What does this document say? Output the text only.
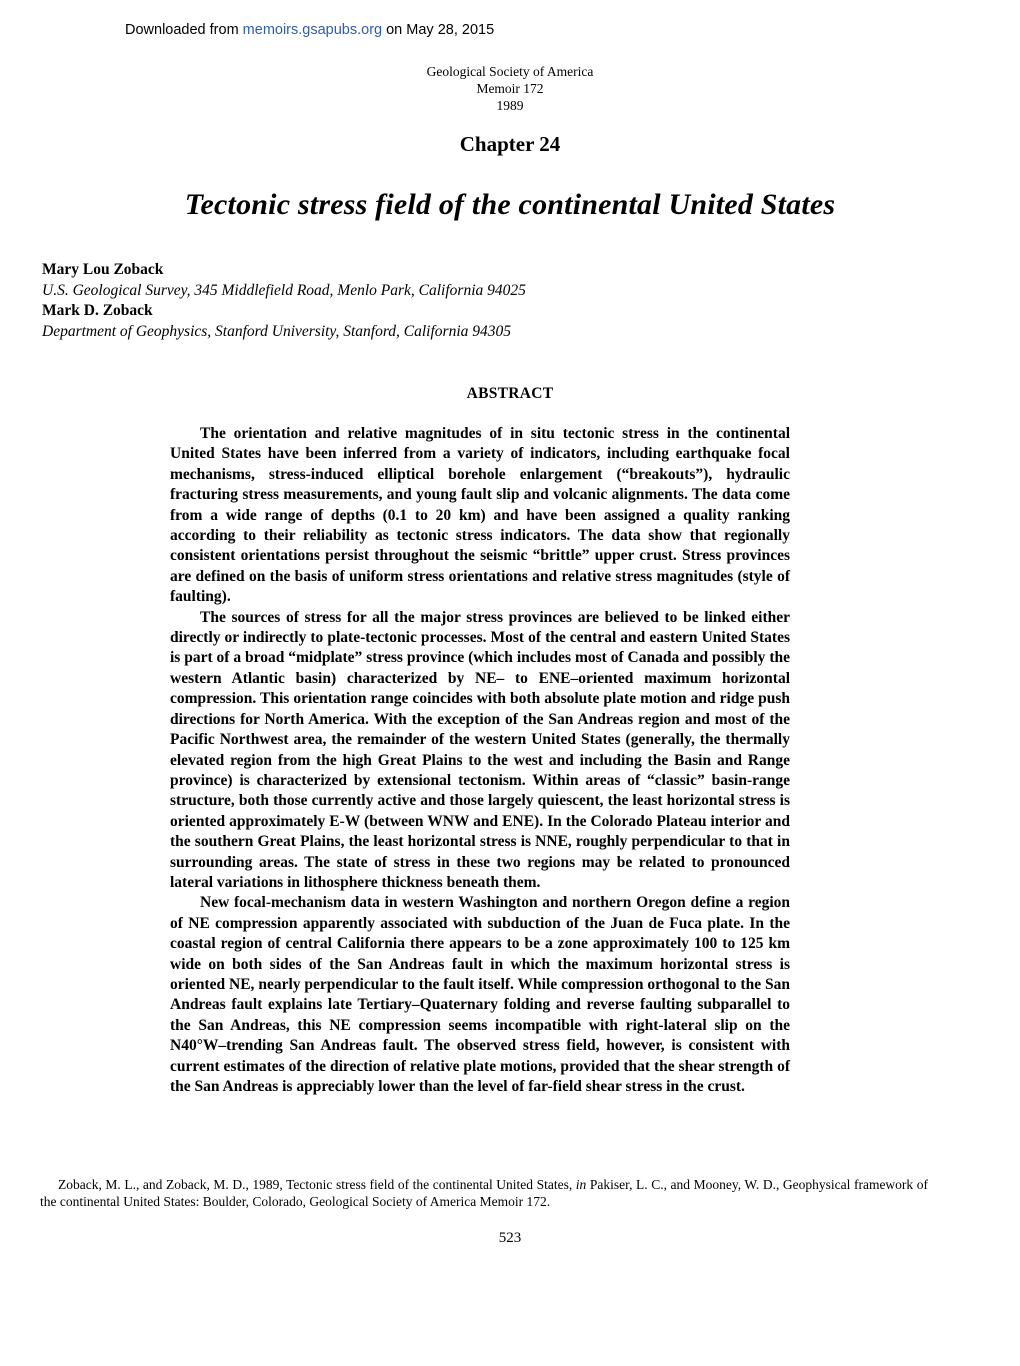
Downloaded from memoirs.gsapubs.org on May 28, 2015
Geological Society of America
Memoir 172
1989
Chapter 24
Tectonic stress field of the continental United States
Mary Lou Zoback
U.S. Geological Survey, 345 Middlefield Road, Menlo Park, California 94025
Mark D. Zoback
Department of Geophysics, Stanford University, Stanford, California 94305
ABSTRACT

The orientation and relative magnitudes of in situ tectonic stress in the continental United States have been inferred from a variety of indicators, including earthquake focal mechanisms, stress-induced elliptical borehole enlargement (“breakouts”), hydraulic fracturing stress measurements, and young fault slip and volcanic alignments. The data come from a wide range of depths (0.1 to 20 km) and have been assigned a quality ranking according to their reliability as tectonic stress indicators. The data show that regionally consistent orientations persist throughout the seismic “brittle” upper crust. Stress provinces are defined on the basis of uniform stress orientations and relative stress magnitudes (style of faulting).

The sources of stress for all the major stress provinces are believed to be linked either directly or indirectly to plate-tectonic processes. Most of the central and eastern United States is part of a broad “midplate” stress province (which includes most of Canada and possibly the western Atlantic basin) characterized by NE– to ENE–oriented maximum horizontal compression. This orientation range coincides with both absolute plate motion and ridge push directions for North America. With the exception of the San Andreas region and most of the Pacific Northwest area, the remainder of the western United States (generally, the thermally elevated region from the high Great Plains to the west and including the Basin and Range province) is characterized by extensional tectonism. Within areas of “classic” basin-range structure, both those currently active and those largely quiescent, the least horizontal stress is oriented approximately E-W (between WNW and ENE). In the Colorado Plateau interior and the southern Great Plains, the least horizontal stress is NNE, roughly perpendicular to that in surrounding areas. The state of stress in these two regions may be related to pronounced lateral variations in lithosphere thickness beneath them.

New focal-mechanism data in western Washington and northern Oregon define a region of NE compression apparently associated with subduction of the Juan de Fuca plate. In the coastal region of central California there appears to be a zone approximately 100 to 125 km wide on both sides of the San Andreas fault in which the maximum horizontal stress is oriented NE, nearly perpendicular to the fault itself. While compression orthogonal to the San Andreas fault explains late Tertiary–Quaternary folding and reverse faulting subparallel to the San Andreas, this NE compression seems incompatible with right-lateral slip on the N40°W–trending San Andreas fault. The observed stress field, however, is consistent with current estimates of the direction of relative plate motions, provided that the shear strength of the San Andreas is appreciably lower than the level of far-field shear stress in the crust.

Zoback, M. L., and Zoback, M. D., 1989, Tectonic stress field of the continental United States, in Pakiser, L. C., and Mooney, W. D., Geophysical framework of the continental United States: Boulder, Colorado, Geological Society of America Memoir 172.
523
